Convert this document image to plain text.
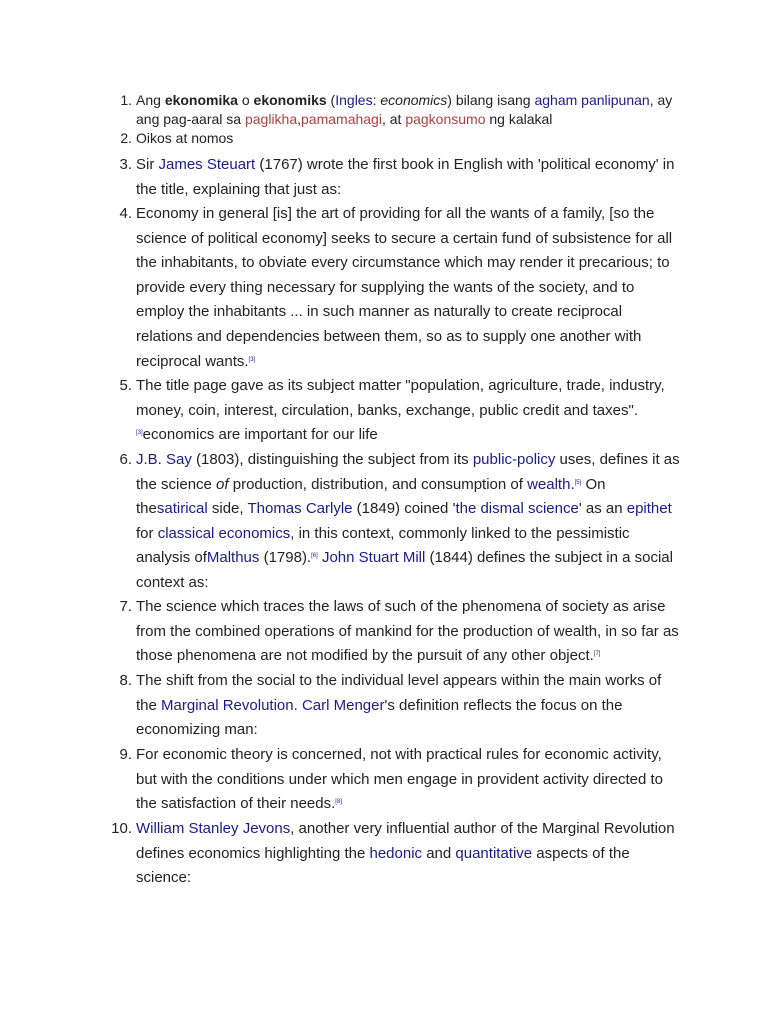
1. Ang ekonomika o ekonomiks (Ingles: economics) bilang isang agham panlipunan, ay ang pag-aaral sa paglikha,pamamahagi, at pagkonsumo ng kalakal
2. Oikos at nomos
3. Sir James Steuart (1767) wrote the first book in English with 'political economy' in the title, explaining that just as:
4. Economy in general [is] the art of providing for all the wants of a family, [so the science of political economy] seeks to secure a certain fund of subsistence for all the inhabitants, to obviate every circumstance which may render it precarious; to provide every thing necessary for supplying the wants of the society, and to employ the inhabitants ... in such manner as naturally to create reciprocal relations and dependencies between them, so as to supply one another with reciprocal wants.[3]
5. The title page gave as its subject matter "population, agriculture, trade, industry, money, coin, interest, circulation, banks, exchange, public credit and taxes".[3]economics are important for our life
6. J.B. Say (1803), distinguishing the subject from its public-policy uses, defines it as the science of production, distribution, and consumption of wealth.[5] On thesatirical side, Thomas Carlyle (1849) coined 'the dismal science' as an epithet for classical economics, in this context, commonly linked to the pessimistic analysis ofMalthus (1798).[6] John Stuart Mill (1844) defines the subject in a social context as:
7. The science which traces the laws of such of the phenomena of society as arise from the combined operations of mankind for the production of wealth, in so far as those phenomena are not modified by the pursuit of any other object.[7]
8. The shift from the social to the individual level appears within the main works of the Marginal Revolution. Carl Menger's definition reflects the focus on the economizing man:
9. For economic theory is concerned, not with practical rules for economic activity, but with the conditions under which men engage in provident activity directed to the satisfaction of their needs.[8]
10. William Stanley Jevons, another very influential author of the Marginal Revolution defines economics highlighting the hedonic and quantitative aspects of the science:
